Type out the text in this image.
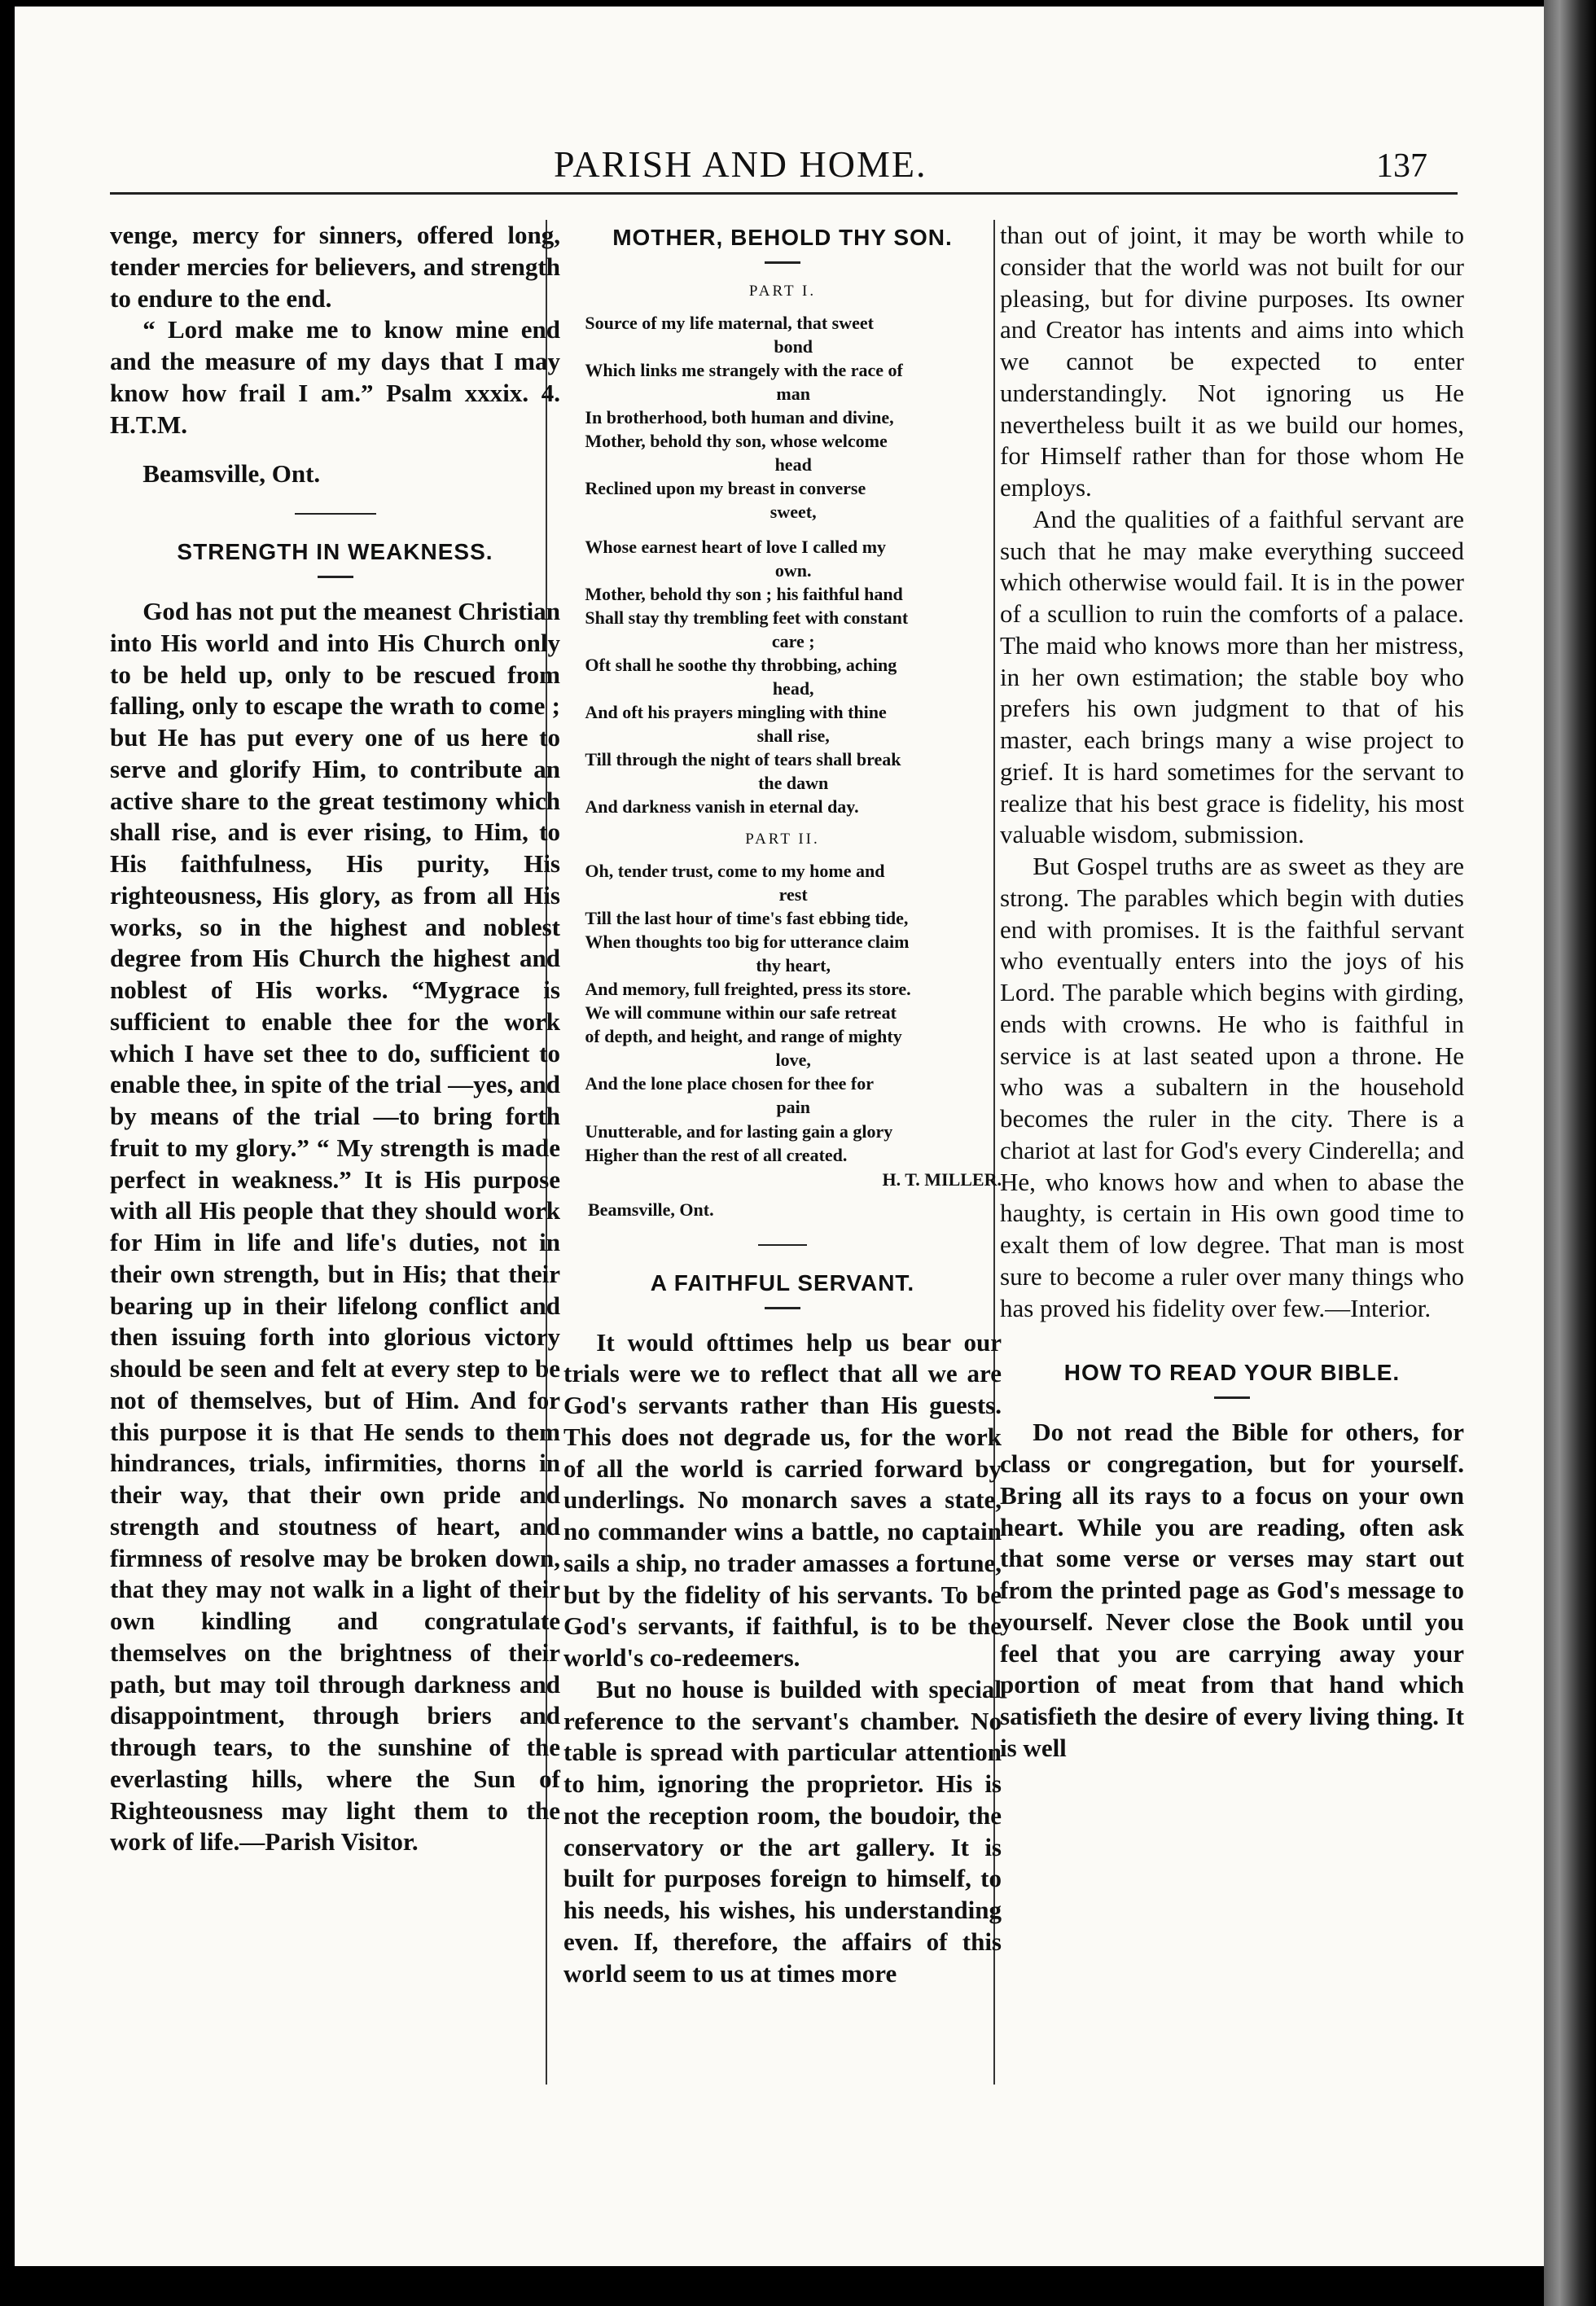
PARISH AND HOME.	137

venge, mercy for sinners, offered long, tender mercies for believers, and strength to endure to the end.

“ Lord make me to know mine end and the measure of my days that I may know how frail I am.” Psalm xxxix. 4. H.T.M.

Beamsville, Ont.

STRENGTH IN WEAKNESS.

God has not put the meanest Christian into His world and into His Church only to be held up, only to be rescued from falling, only to escape the wrath to come ; but He has put every one of us here to serve and glorify Him, to contribute an active share to the great testimony which shall rise, and is ever rising, to Him, to His faithfulness, His purity, His righteousness, His glory, as from all His works, so in the highest and noblest degree from His Church the highest and noblest of His works. “Mygrace is sufficient to enable thee for the work which I have set thee to do, sufficient to enable thee, in spite of the trial —yes, and by means of the trial —to bring forth fruit to my glory.” “ My strength is made perfect in weakness.” It is His purpose with all His people that they should work for Him in life and life's duties, not in their own strength, but in His; that their bearing up in their lifelong conflict and then issuing forth into glorious victory should be seen and felt at every step to be not of themselves, but of Him. And for this purpose it is that He sends to them hindrances, trials, infirmities, thorns in their way, that their own pride and strength and stoutness of heart, and firmness of resolve may be broken down, that they may not walk in a light of their own kindling and congratulate themselves on the brightness of their path, but may toil through darkness and disappointment, through briers and through tears, to the sunshine of the everlasting hills, where the Sun of Righteousness may light them to the work of life.—Parish Visitor.

MOTHER, BEHOLD THY SON.
PART I.

Source of my life maternal, that sweet
bond

Which links me strangely with the race of
man

In brotherhood, both human and divine,

Mother, behold thy son, whose welcome
head

Reclined upon my breast in converse
sweet,

Whose earnest heart of love I called my
own.

Mother, behold thy son ; his faithful hand

Shall stay thy trembling feet with constant
care ;

Oft shall he soothe thy throbbing, aching
head,

And oft his prayers mingling with thine
shall rise,

Till through the night of tears shall break
the dawn

And darkness vanish in eternal day.

PART II.

Oh, tender trust, come to my home and
rest

Till the last hour of time's fast ebbing tide,

When thoughts too big for utterance claim
thy heart,

And memory, full freighted, press its store.

We will commune within our safe retreat

of depth, and height, and range of mighty
love,

And the lone place chosen for thee for
pain

Unutterable, and for lasting gain a glory

Higher than the rest of all created.

H. T. MILLER.
Beamsville, Ont.
A FAITHFUL SERVANT.

It would ofttimes help us bear our trials were we to reflect that all we are God's servants rather than His guests. This does not degrade us, for the work of all the world is carried forward by underlings. No monarch saves a state, no commander wins a battle, no captain sails a ship, no trader amasses a fortune, but by the fidelity of his servants. To be God's servants, if faithful, is to be the world's co-redeemers.

But no house is builded with special reference to the servant's chamber. No table is spread with particular attention to him, ignoring the proprietor. His is not the reception room, the boudoir, the conservatory or the art gallery. It is built for purposes foreign to himself, to his needs, his wishes, his understanding even. If, therefore, the affairs of this world seem to us at times more

than out of joint, it may be worth while to consider that the world was not built for our pleasing, but for divine purposes. Its owner and Creator has intents and aims into which we cannot be expected to enter understandingly. Not ignoring us He nevertheless built it as we build our homes, for Himself rather than for those whom He employs.

And the qualities of a faithful servant are such that he may make everything succeed which otherwise would fail. It is in the power of a scullion to ruin the comforts of a palace. The maid who knows more than her mistress, in her own estimation; the stable boy who prefers his own judgment to that of his master, each brings many a wise project to grief. It is hard sometimes for the servant to realize that his best grace is fidelity, his most valuable wisdom, submission.

But Gospel truths are as sweet as they are strong. The parables which begin with duties end with promises. It is the faithful servant who eventually enters into the joys of his Lord. The parable which begins with girding, ends with crowns. He who is faithful in service is at last seated upon a throne. He who was a subaltern in the household becomes the ruler in the city. There is a chariot at last for God's every Cinderella; and He, who knows how and when to abase the haughty, is certain in His own good time to exalt them of low degree. That man is most sure to become a ruler over many things who has proved his fidelity over few.—Interior.

HOW TO READ YOUR BIBLE.

Do not read the Bible for others, for class or congregation, but for yourself. Bring all its rays to a focus on your own heart. While you are reading, often ask that some verse or verses may start out from the printed page as God's message to yourself. Never close the Book until you feel that you are carrying away your portion of meat from that hand which satisfieth the desire of every living thing. It is well
